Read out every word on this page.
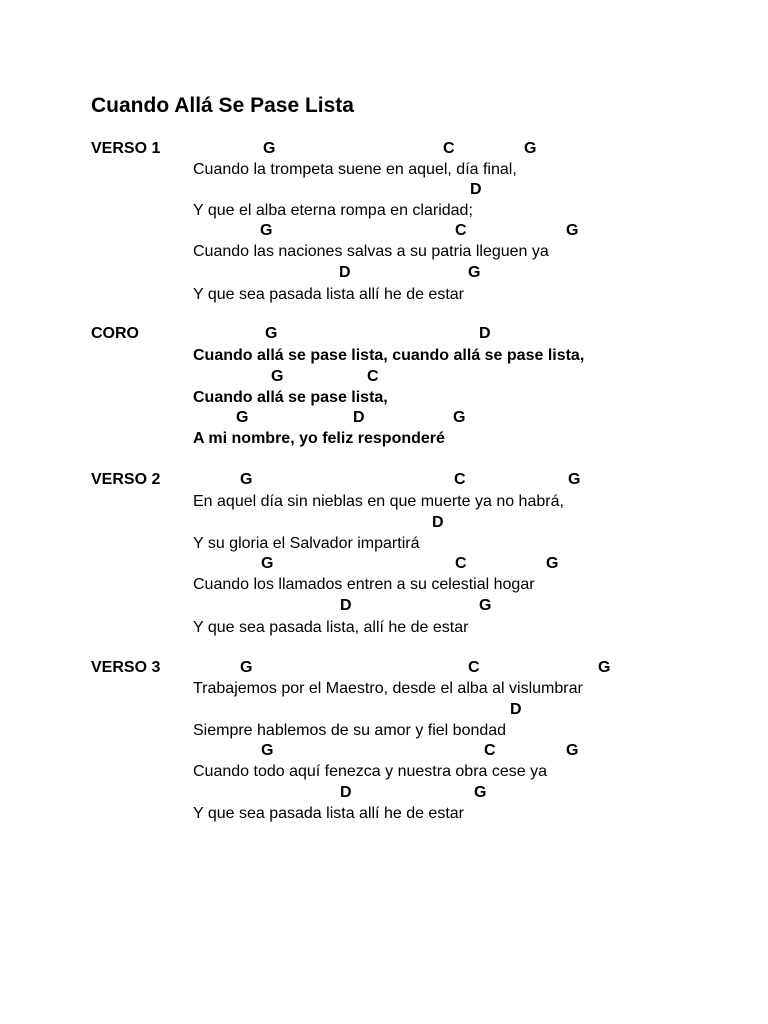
Cuando Allá Se Pase Lista
VERSO 1	G	C	G
Cuando la trompeta suene en aquel, día final,
D
Y que el alba eterna rompa en claridad;
G	C	G
Cuando las naciones salvas a su patria lleguen ya
D	G
Y que sea pasada lista allí he de estar
CORO	G	D
Cuando allá se pase lista, cuando allá se pase lista,
G	C
Cuando allá se pase lista,
G	D	G
A mi nombre, yo feliz responderé
VERSO 2	G	C	G
En aquel día sin nieblas en que muerte ya no habrá,
D
Y su gloria el Salvador impartirá
G	C	G
Cuando los llamados entren a su celestial hogar
D	G
Y que sea pasada lista, allí he de estar
VERSO 3	G	C	G
Trabajemos por el Maestro, desde el alba al vislumbrar
D
Siempre hablemos de su amor y fiel bondad
G	C	G
Cuando todo aquí fenezca y nuestra obra cese ya
D	G
Y que sea pasada lista allí he de estar
